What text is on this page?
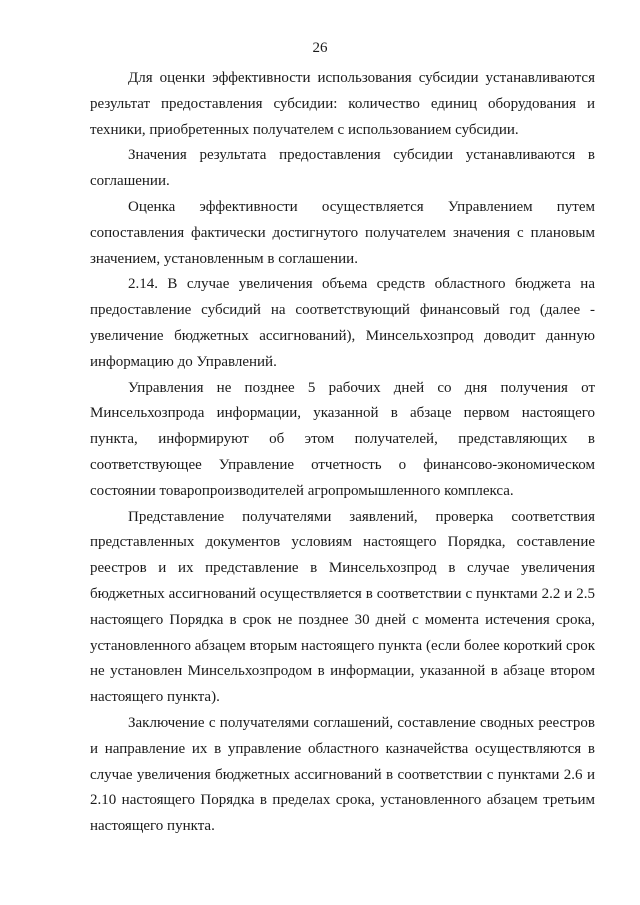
26

Для оценки эффективности использования субсидии устанавливаются результат предоставления субсидии: количество единиц оборудования и техники, приобретенных получателем с использованием субсидии.

Значения результата предоставления субсидии устанавливаются в соглашении.

Оценка эффективности осуществляется Управлением путем сопоставления фактически достигнутого получателем значения с плановым значением, установленным в соглашении.

2.14. В случае увеличения объема средств областного бюджета на предоставление субсидий на соответствующий финансовый год (далее - увеличение бюджетных ассигнований), Минсельхозпрод доводит данную информацию до Управлений.

Управления не позднее 5 рабочих дней со дня получения от Минсельхозпрода информации, указанной в абзаце первом настоящего пункта, информируют об этом получателей, представляющих в соответствующее Управление отчетность о финансово-экономическом состоянии товаропроизводителей агропромышленного комплекса.

Представление получателями заявлений, проверка соответствия представленных документов условиям настоящего Порядка, составление реестров и их представление в Минсельхозпрод в случае увеличения бюджетных ассигнований осуществляется в соответствии с пунктами 2.2 и 2.5 настоящего Порядка в срок не позднее 30 дней с момента истечения срока, установленного абзацем вторым настоящего пункта (если более короткий срок не установлен Минсельхозпродом в информации, указанной в абзаце втором настоящего пункта).

Заключение с получателями соглашений, составление сводных реестров и направление их в управление областного казначейства осуществляются в случае увеличения бюджетных ассигнований в соответствии с пунктами 2.6 и 2.10 настоящего Порядка в пределах срока, установленного абзацем третьим настоящего пункта.
